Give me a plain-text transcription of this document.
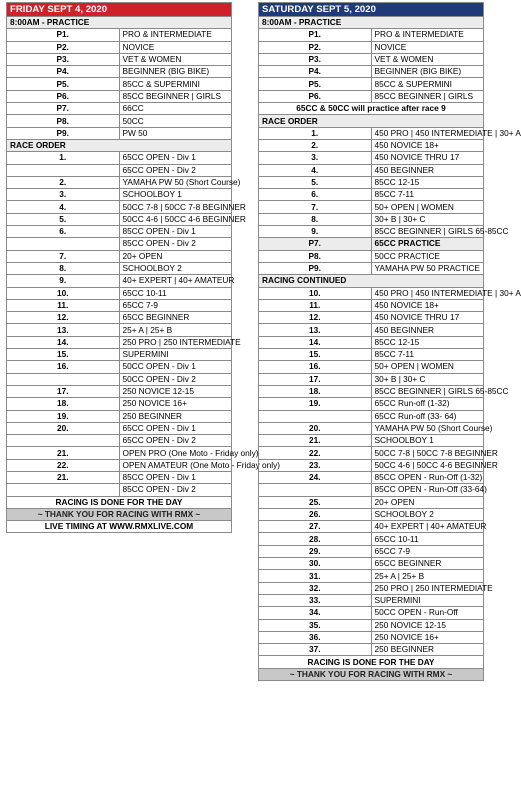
FRIDAY SEPT 4, 2020	
8:00AM - PRACTICE	
P1.	PRO & INTERMEDIATE
P2.	NOVICE
P3.	VET & WOMEN
P4.	BEGINNER (BIG BIKE)
P5.	85CC & SUPERMINI
P6.	85CC BEGINNER | GIRLS
P7.	66CC
P8.	50CC
P9.	PW 50
RACE ORDER	
1.	65CC OPEN - Div 1
	65CC OPEN - Div 2
2.	YAMAHA PW 50 (Short Course)
3.	SCHOOLBOY 1
4.	50CC 7-8 | 50CC 7-8 BEGINNER
5.	50CC 4-6 | 50CC 4-6 BEGINNER
6.	85CC OPEN - Div 1
	85CC OPEN - Div 2
7.	20+ OPEN
8.	SCHOOLBOY 2
9.	40+ EXPERT | 40+ AMATEUR
10.	65CC 10-11
11.	65CC 7-9
12.	65CC BEGINNER
13.	25+ A | 25+ B
14.	250 PRO | 250 INTERMEDIATE
15.	SUPERMINI
16.	50CC OPEN - Div 1
	50CC OPEN - Div 2
17.	250 NOVICE 12-15
18.	250 NOVICE 16+
19.	250 BEGINNER
20.	65CC OPEN - Div 1
	65CC OPEN - Div 2
21.	OPEN PRO (One Moto - Friday only)
22.	OPEN AMATEUR (One Moto - Friday only)
21.	85CC OPEN - Div 1
	85CC OPEN - Div 2
RACING IS DONE FOR THE DAY	
~ THANK YOU FOR RACING WITH RMX ~	
LIVE TIMING AT WWW.RMXLIVE.COM	
SATURDAY SEPT 5, 2020	
8:00AM - PRACTICE	
P1.	PRO & INTERMEDIATE
P2.	NOVICE
P3.	VET & WOMEN
P4.	BEGINNER (BIG BIKE)
P5.	85CC & SUPERMINI
P6.	85CC BEGINNER | GIRLS
65CC & 50CC will practice after race 9	
RACE ORDER	
1.	450 PRO | 450 INTERMEDIATE | 30+ A
2.	450 NOVICE 18+
3.	450 NOVICE THRU 17
4.	450 BEGINNER
5.	85CC 12-15
6.	85CC 7-11
7.	50+ OPEN | WOMEN
8.	30+ B | 30+ C
9.	85CC BEGINNER | GIRLS 65-85CC
P7.	65CC PRACTICE
P8.	50CC PRACTICE
P9.	YAMAHA PW 50 PRACTICE
RACING CONTINUED	
10.	450 PRO | 450 INTERMEDIATE | 30+ A
11.	450 NOVICE 18+
12.	450 NOVICE THRU 17
13.	450 BEGINNER
14.	85CC 12-15
15.	85CC 7-11
16.	50+ OPEN | WOMEN
17.	30+ B | 30+ C
18.	85CC BEGINNER | GIRLS 65-85CC
19.	65CC Run-off (1-32)
	65CC Run-off (33- 64)
20.	YAMAHA PW 50 (Short Course)
21.	SCHOOLBOY 1
22.	50CC 7-8 | 50CC 7-8 BEGINNER
23.	50CC 4-6 | 50CC 4-6 BEGINNER
24.	85CC OPEN - Run-Off (1-32)
	85CC OPEN - Run-Off (33-64)
25.	20+ OPEN
26.	SCHOOLBOY 2
27.	40+ EXPERT | 40+ AMATEUR
28.	65CC 10-11
29.	65CC 7-9
30.	65CC BEGINNER
31.	25+ A | 25+ B
32.	250 PRO | 250 INTERMEDIATE
33.	SUPERMINI
34.	50CC OPEN - Run-Off
35.	250 NOVICE 12-15
36.	250 NOVICE 16+
37.	250 BEGINNER
RACING IS DONE FOR THE DAY	
~ THANK YOU FOR RACING WITH RMX ~	
